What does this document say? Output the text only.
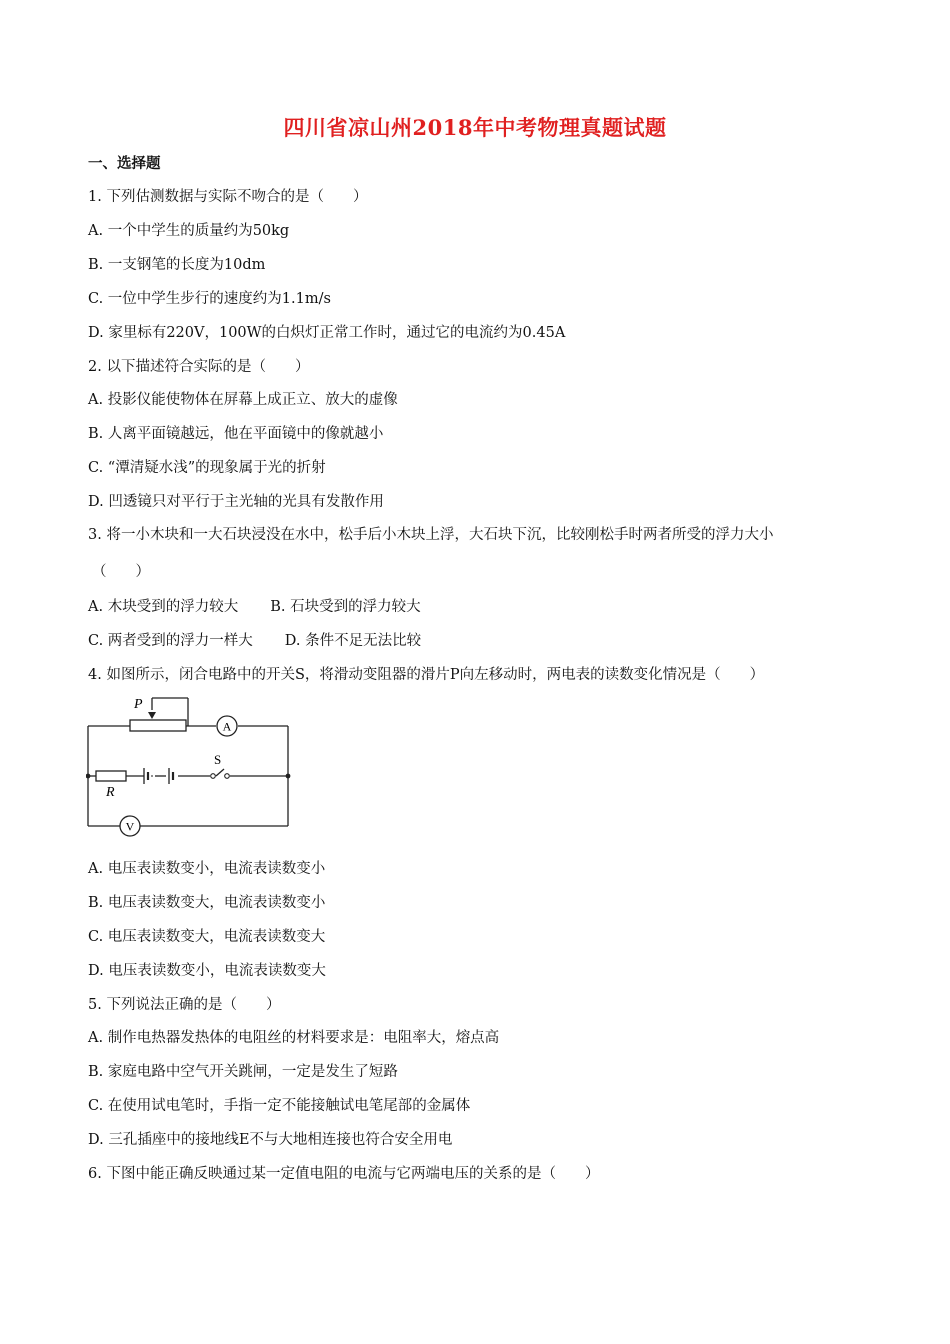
四川省凉山州2018年中考物理真题试题
一、选择题
1. 下列估测数据与实际不吻合的是（　　）
A. 一个中学生的质量约为50kg
B. 一支钢笔的长度为10dm
C. 一位中学生步行的速度约为1.1m/s
D. 家里标有220V，100W的白炽灯正常工作时，通过它的电流约为0.45A
2. 以下描述符合实际的是（　　）
A. 投影仪能使物体在屏幕上成正立、放大的虚像
B. 人离平面镜越远，他在平面镜中的像就越小
C. “潭清疑水浅”的现象属于光的折射
D. 凹透镜只对平行于主光轴的光具有发散作用
3. 将一小木块和一大石块浸没在水中，松手后小木块上浮，大石块下沉，比较刚松手时两者所受的浮力大小
（　　）
A. 木块受到的浮力较大 B. 石块受到的浮力较大
C. 两者受到的浮力一样大 D. 条件不足无法比较
4. 如图所示，闭合电路中的开关S，将滑动变阻器的滑片P向左移动时，两电表的读数变化情况是（　　）
P
A
R
S
V
A. 电压表读数变小，电流表读数变小
B. 电压表读数变大，电流表读数变小
C. 电压表读数变大，电流表读数变大
D. 电压表读数变小，电流表读数变大
5. 下列说法正确的是（　　）
A. 制作电热器发热体的电阻丝的材料要求是：电阻率大，熔点高
B. 家庭电路中空气开关跳闸，一定是发生了短路
C. 在使用试电笔时，手指一定不能接触试电笔尾部的金属体
D. 三孔插座中的接地线E不与大地相连接也符合安全用电
6. 下图中能正确反映通过某一定值电阻的电流与它两端电压的关系的是（　　）
